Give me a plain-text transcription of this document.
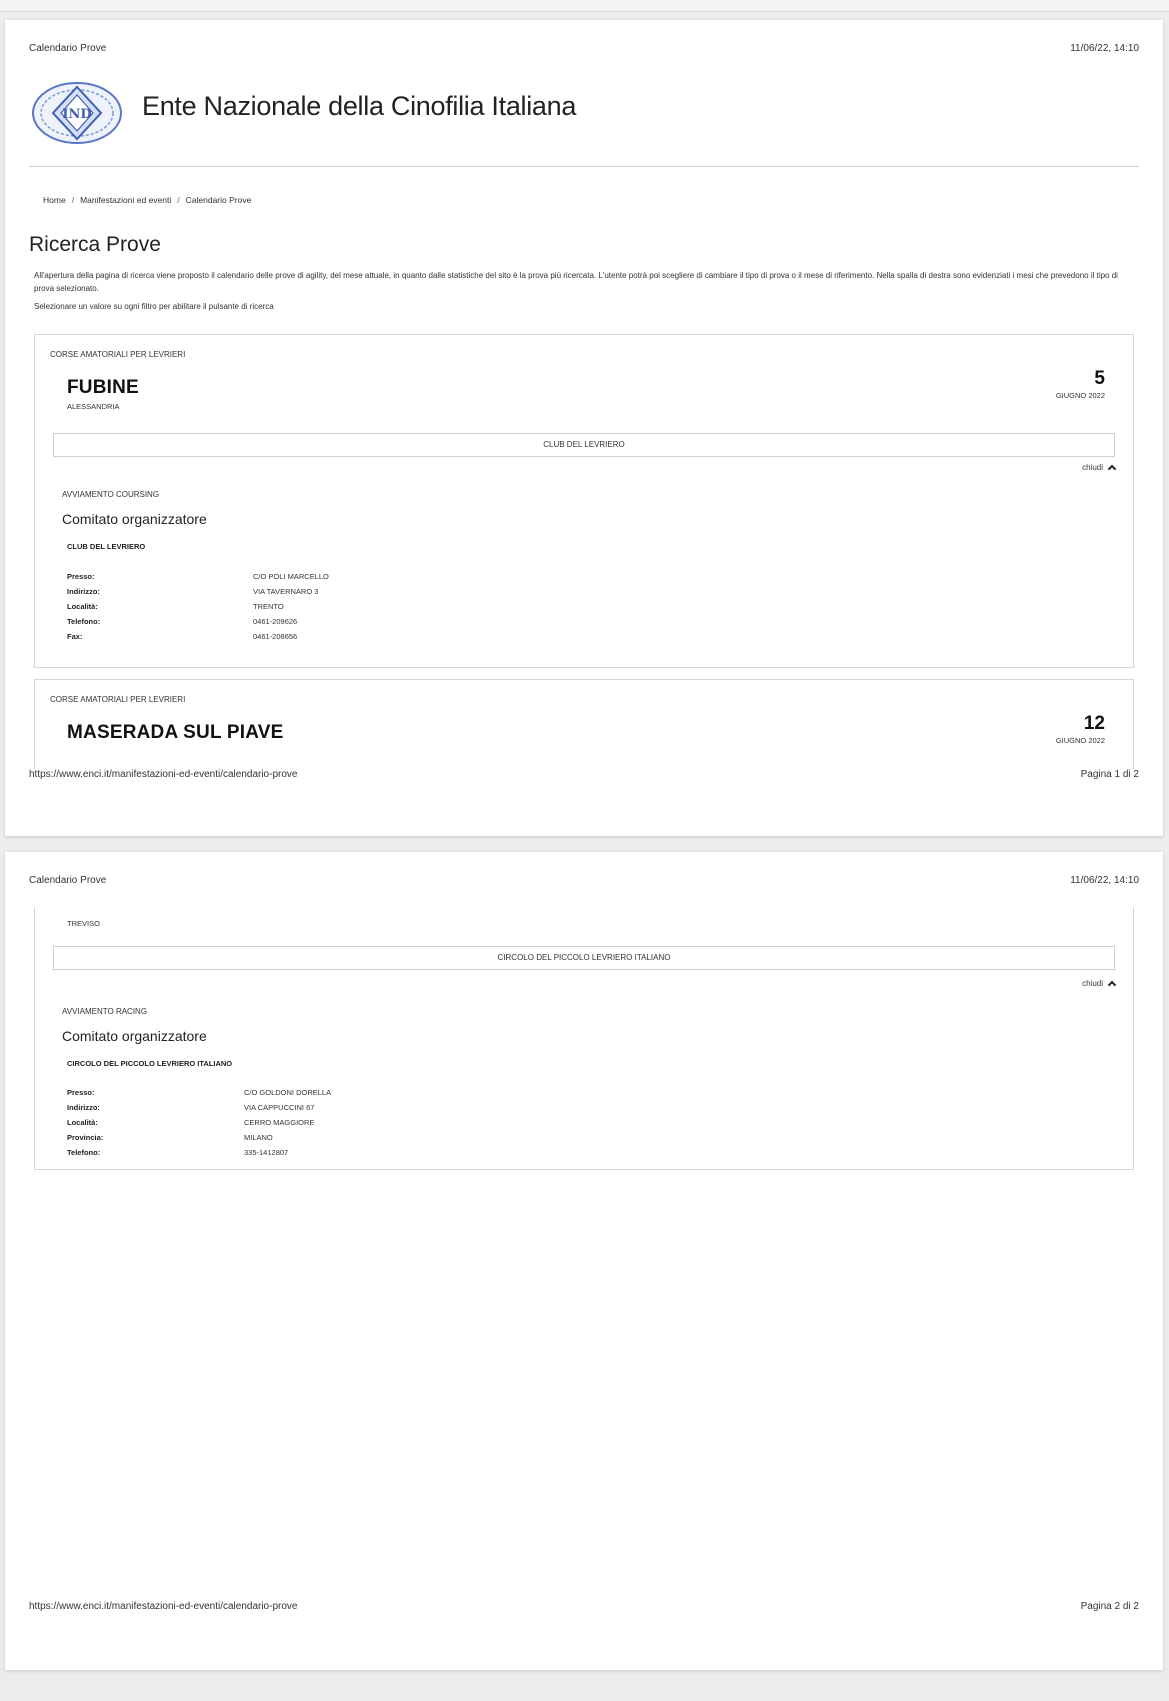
Calendario Prove	11/06/22, 14:10
IND Ente Nazionale della Cinofilia Italiana
Home / Manifestazioni ed eventi / Calendario Prove
Ricerca Prove
All'apertura della pagina di ricerca viene proposto il calendario delle prove di agility, del mese attuale, in quanto dalle statistiche del sito è la prova più ricercata. L'utente potrà poi scegliere di cambiare il tipo di prova o il mese di riferimento. Nella spalla di destra sono evidenziati i mesi che prevedono il tipo di prova selezionato.
Selezionare un valore su ogni filtro per abilitare il pulsante di ricerca
CORSE AMATORIALI PER LEVRIERI
FUBINE
ALESSANDRIA
5
GIUGNO 2022
CLUB DEL LEVRIERO
chiudi
AVVIAMENTO COURSING
Comitato organizzatore
CLUB DEL LEVRIERO
Presso:	C/O POLI MARCELLO
Indirizzo:	VIA TAVERNARO 3
Località:	TRENTO
Telefono:	0461-209626
Fax:	0461-208656
CORSE AMATORIALI PER LEVRIERI
MASERADA SUL PIAVE	12
GIUGNO 2022
https://www.enci.it/manifestazioni-ed-eventi/calendario-prove	Pagina 1 di 2
Calendario Prove	11/06/22, 14:10
TREVISO
CIRCOLO DEL PICCOLO LEVRIERO ITALIANO
chiudi
AVVIAMENTO RACING
Comitato organizzatore
CIRCOLO DEL PICCOLO LEVRIERO ITALIANO
Presso:	C/O GOLDONI DORELLA
Indirizzo:	VIA CAPPUCCINI 67
Località:	CERRO MAGGIORE
Provincia:	MILANO
Telefono:	335-1412807
https://www.enci.it/manifestazioni-ed-eventi/calendario-prove	Pagina 2 di 2
